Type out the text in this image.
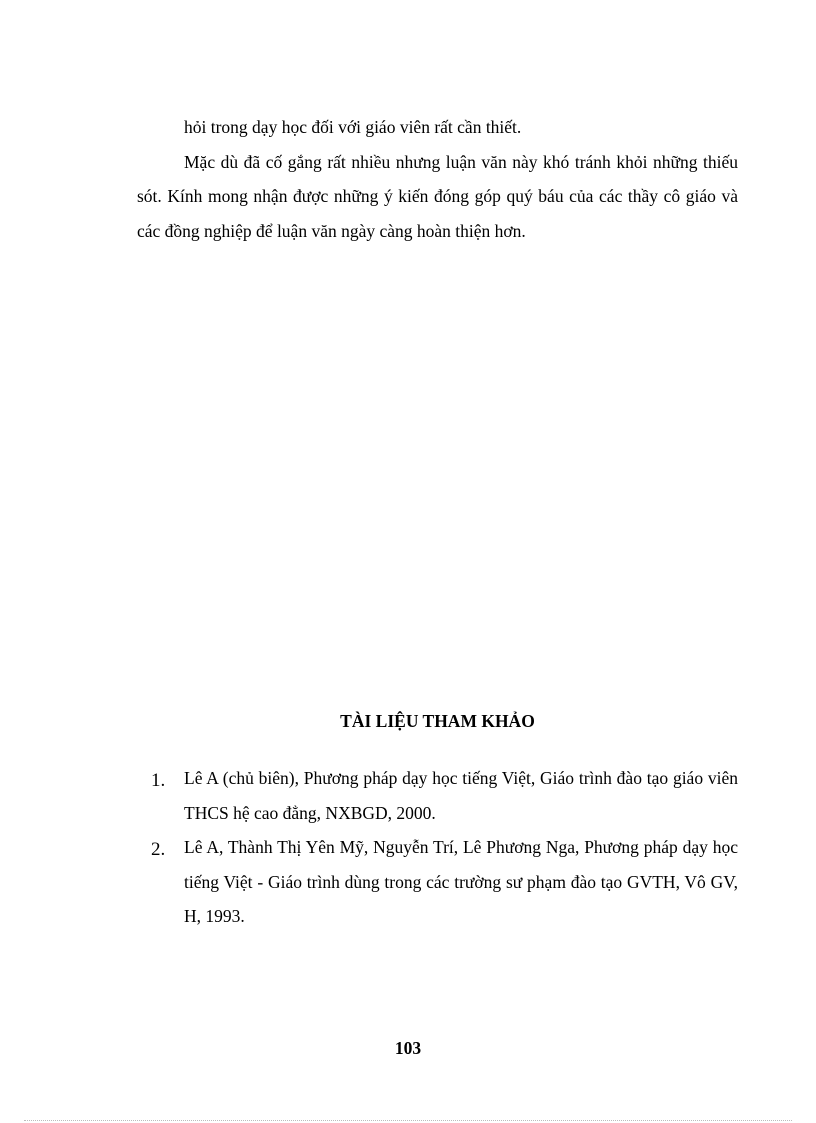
hỏi trong dạy học đối với giáo viên rất cần thiết.

Mặc dù đã cố gắng rất nhiều nhưng luận văn này khó tránh khỏi những thiếu sót. Kính mong nhận được những ý kiến đóng góp quý báu của các thầy cô giáo và các đồng nghiệp để luận văn ngày càng hoàn thiện hơn.

TÀI LIỆU THAM KHẢO
1. Lê A (chủ biên), Phương pháp dạy học tiếng Việt, Giáo trình đào tạo giáo viên THCS hệ cao đẳng, NXBGD, 2000.
2. Lê A, Thành Thị Yên Mỹ, Nguyễn Trí, Lê Phương Nga, Phương pháp dạy học tiếng Việt - Giáo trình dùng trong các trường sư phạm đào tạo GVTH, Vô GV, H, 1993.
103
